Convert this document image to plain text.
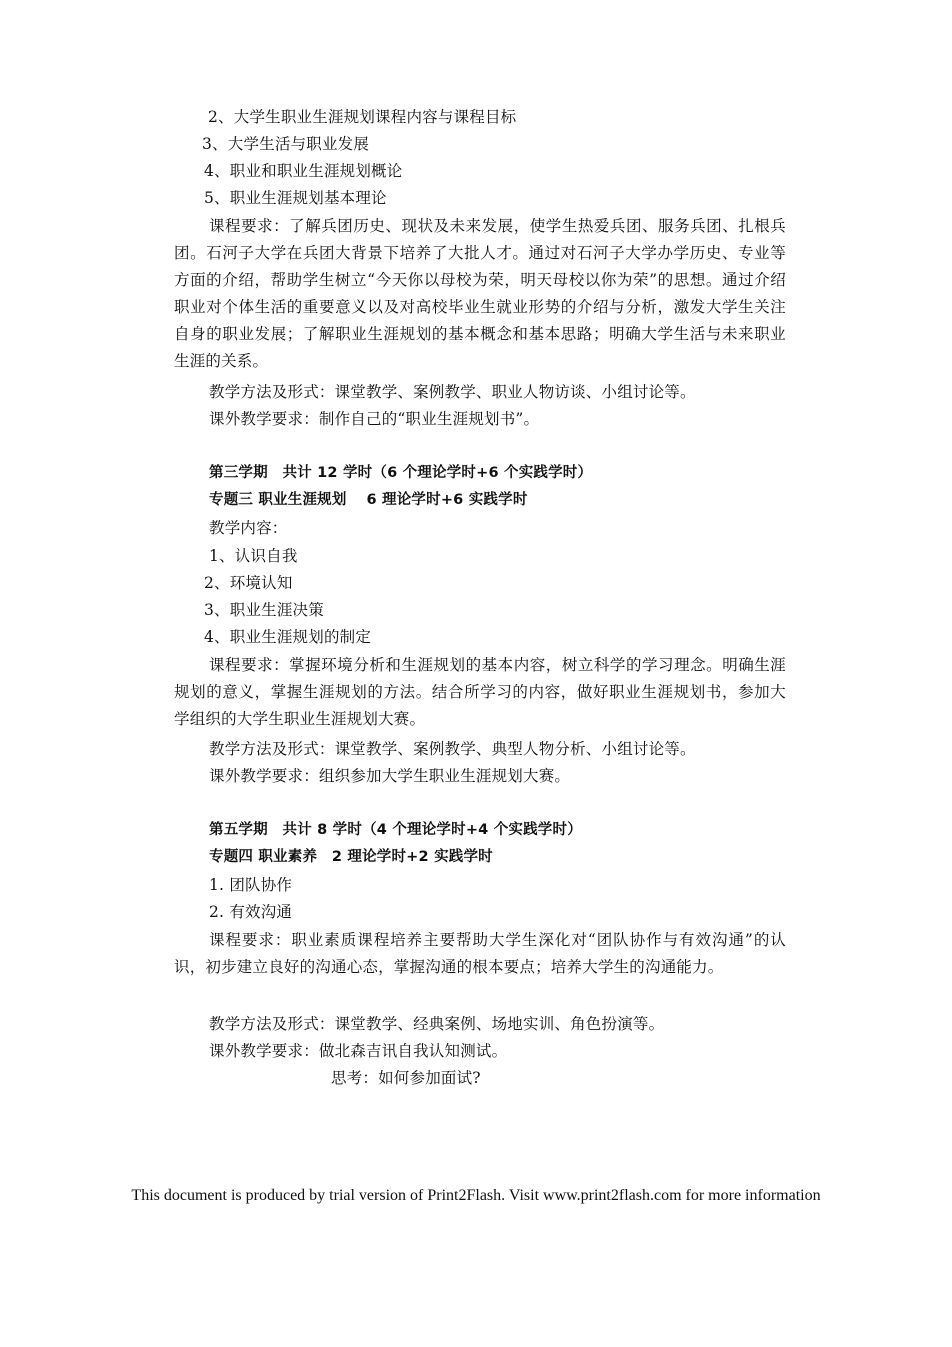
2、大学生职业生涯规划课程内容与课程目标
3、大学生活与职业发展
4、职业和职业生涯规划概论
5、职业生涯规划基本理论
课程要求：了解兵团历史、现状及未来发展，使学生热爱兵团、服务兵团、扎根兵团。石河子大学在兵团大背景下培养了大批人才。通过对石河子大学办学历史、专业等方面的介绍，帮助学生树立“今天你以母校为荣，明天母校以你为荣”的思想。通过介绍职业对个体生活的重要意义以及对高校毕业生就业形势的介绍与分析，激发大学生关注自身的职业发展；了解职业生涯规划的基本概念和基本思路；明确大学生活与未来职业生涯的关系。
教学方法及形式：课堂教学、案例教学、职业人物访谈、小组讨论等。
课外教学要求：制作自己的“职业生涯规划书”。
第三学期　共计 12 学时（6 个理论学时+6 个实践学时）
专题三 职业生涯规划　 6 理论学时+6 实践学时
教学内容：
1、认识自我
2、环境认知
3、职业生涯决策
4、职业生涯规划的制定
课程要求：掌握环境分析和生涯规划的基本内容，树立科学的学习理念。明确生涯规划的意义，掌握生涯规划的方法。结合所学习的内容，做好职业生涯规划书，参加大学组织的大学生职业生涯规划大赛。
教学方法及形式：课堂教学、案例教学、典型人物分析、小组讨论等。
课外教学要求：组织参加大学生职业生涯规划大赛。
第五学期　共计 8 学时（4 个理论学时+4 个实践学时）
专题四 职业素养　2 理论学时+2 实践学时
1. 团队协作
2. 有效沟通
课程要求：职业素质课程培养主要帮助大学生深化对“团队协作与有效沟通”的认识，初步建立良好的沟通心态，掌握沟通的根本要点；培养大学生的沟通能力。
教学方法及形式：课堂教学、经典案例、场地实训、角色扮演等。
课外教学要求：做北森吉讯自我认知测试。
思考：如何参加面试?
This document is produced by trial version of Print2Flash. Visit www.print2flash.com for more information
